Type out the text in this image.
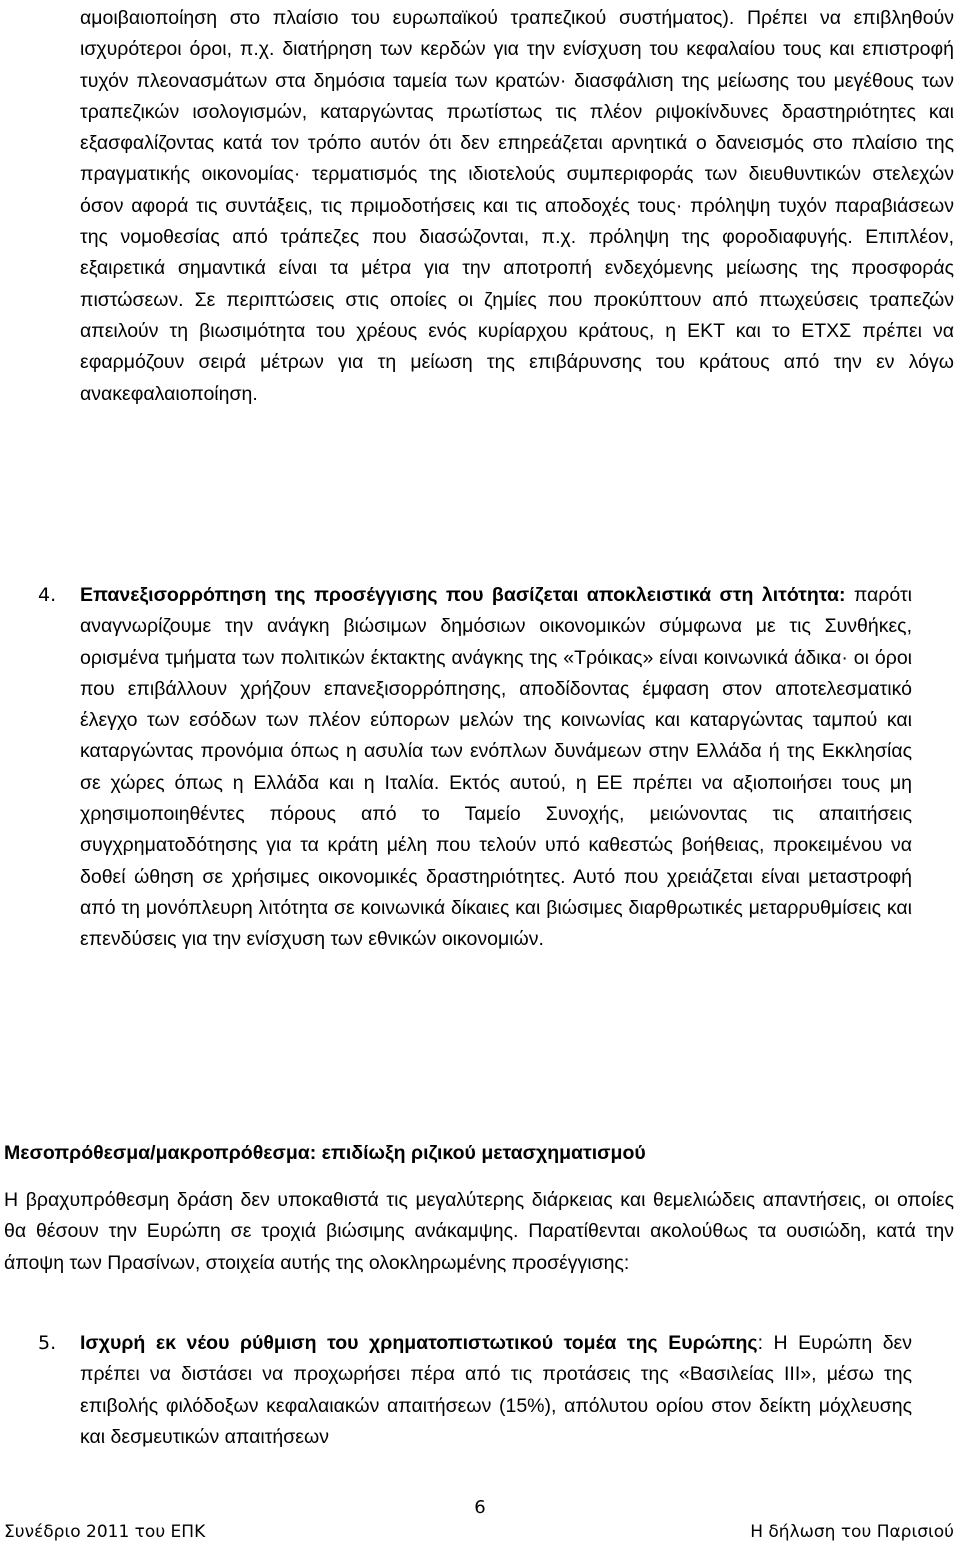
αμοιβαιοποίηση στο πλαίσιο του ευρωπαϊκού τραπεζικού συστήματος). Πρέπει να επιβληθούν ισχυρότεροι όροι, π.χ. διατήρηση των κερδών για την ενίσχυση του κεφαλαίου τους και επιστροφή τυχόν πλεονασμάτων στα δημόσια ταμεία των κρατών· διασφάλιση της μείωσης του μεγέθους των τραπεζικών ισολογισμών, καταργώντας πρωτίστως τις πλέον ριψοκίνδυνες δραστηριότητες και εξασφαλίζοντας κατά τον τρόπο αυτόν ότι δεν επηρεάζεται αρνητικά ο δανεισμός στο πλαίσιο της πραγματικής οικονομίας· τερματισμός της ιδιοτελούς συμπεριφοράς των διευθυντικών στελεχών όσον αφορά τις συντάξεις, τις πριμοδοτήσεις και τις αποδοχές τους· πρόληψη τυχόν παραβιάσεων της νομοθεσίας από τράπεζες που διασώζονται, π.χ. πρόληψη της φοροδιαφυγής. Επιπλέον, εξαιρετικά σημαντικά είναι τα μέτρα για την αποτροπή ενδεχόμενης μείωσης της προσφοράς πιστώσεων. Σε περιπτώσεις στις οποίες οι ζημίες που προκύπτουν από πτωχεύσεις τραπεζών απειλούν τη βιωσιμότητα του χρέους ενός κυρίαρχου κράτους, η ΕΚΤ και το ΕΤΧΣ πρέπει να εφαρμόζουν σειρά μέτρων για τη μείωση της επιβάρυνσης του κράτους από την εν λόγω ανακεφαλαιοποίηση.

4. Επανεξισορρόπηση της προσέγγισης που βασίζεται αποκλειστικά στη λιτότητα: παρότι αναγνωρίζουμε την ανάγκη βιώσιμων δημόσιων οικονομικών σύμφωνα με τις Συνθήκες, ορισμένα τμήματα των πολιτικών έκτακτης ανάγκης της «Τρόικας» είναι κοινωνικά άδικα· οι όροι που επιβάλλουν χρήζουν επανεξισορρόπησης, αποδίδοντας έμφαση στον αποτελεσματικό έλεγχο των εσόδων των πλέον εύπορων μελών της κοινωνίας και καταργώντας ταμπού και καταργώντας προνόμια όπως η ασυλία των ενόπλων δυνάμεων στην Ελλάδα ή της Εκκλησίας σε χώρες όπως η Ελλάδα και η Ιταλία. Εκτός αυτού, η ΕΕ πρέπει να αξιοποιήσει τους μη χρησιμοποιηθέντες πόρους από το Ταμείο Συνοχής, μειώνοντας τις απαιτήσεις συγχρηματοδότησης για τα κράτη μέλη που τελούν υπό καθεστώς βοήθειας, προκειμένου να δοθεί ώθηση σε χρήσιμες οικονομικές δραστηριότητες. Αυτό που χρειάζεται είναι μεταστροφή από τη μονόπλευρη λιτότητα σε κοινωνικά δίκαιες και βιώσιμες διαρθρωτικές μεταρρυθμίσεις και επενδύσεις για την ενίσχυση των εθνικών οικονομιών.

Μεσοπρόθεσμα/μακροπρόθεσμα: επιδίωξη ριζικού μετασχηματισμού

Η βραχυπρόθεσμη δράση δεν υποκαθιστά τις μεγαλύτερης διάρκειας και θεμελιώδεις απαντήσεις, οι οποίες θα θέσουν την Ευρώπη σε τροχιά βιώσιμης ανάκαμψης. Παρατίθενται ακολούθως τα ουσιώδη, κατά την άποψη των Πρασίνων, στοιχεία αυτής της ολοκληρωμένης προσέγγισης:

5. Ισχυρή εκ νέου ρύθμιση του χρηματοπιστωτικού τομέα της Ευρώπης: Η Ευρώπη δεν πρέπει να διστάσει να προχωρήσει πέρα από τις προτάσεις της «Βασιλείας ΙΙΙ», μέσω της επιβολής φιλόδοξων κεφαλαιακών απαιτήσεων (15%), απόλυτου ορίου στον δείκτη μόχλευσης και δεσμευτικών απαιτήσεων
6
Συνέδριο 2011 του ΕΠΚ	Η δήλωση του Παρισιού
